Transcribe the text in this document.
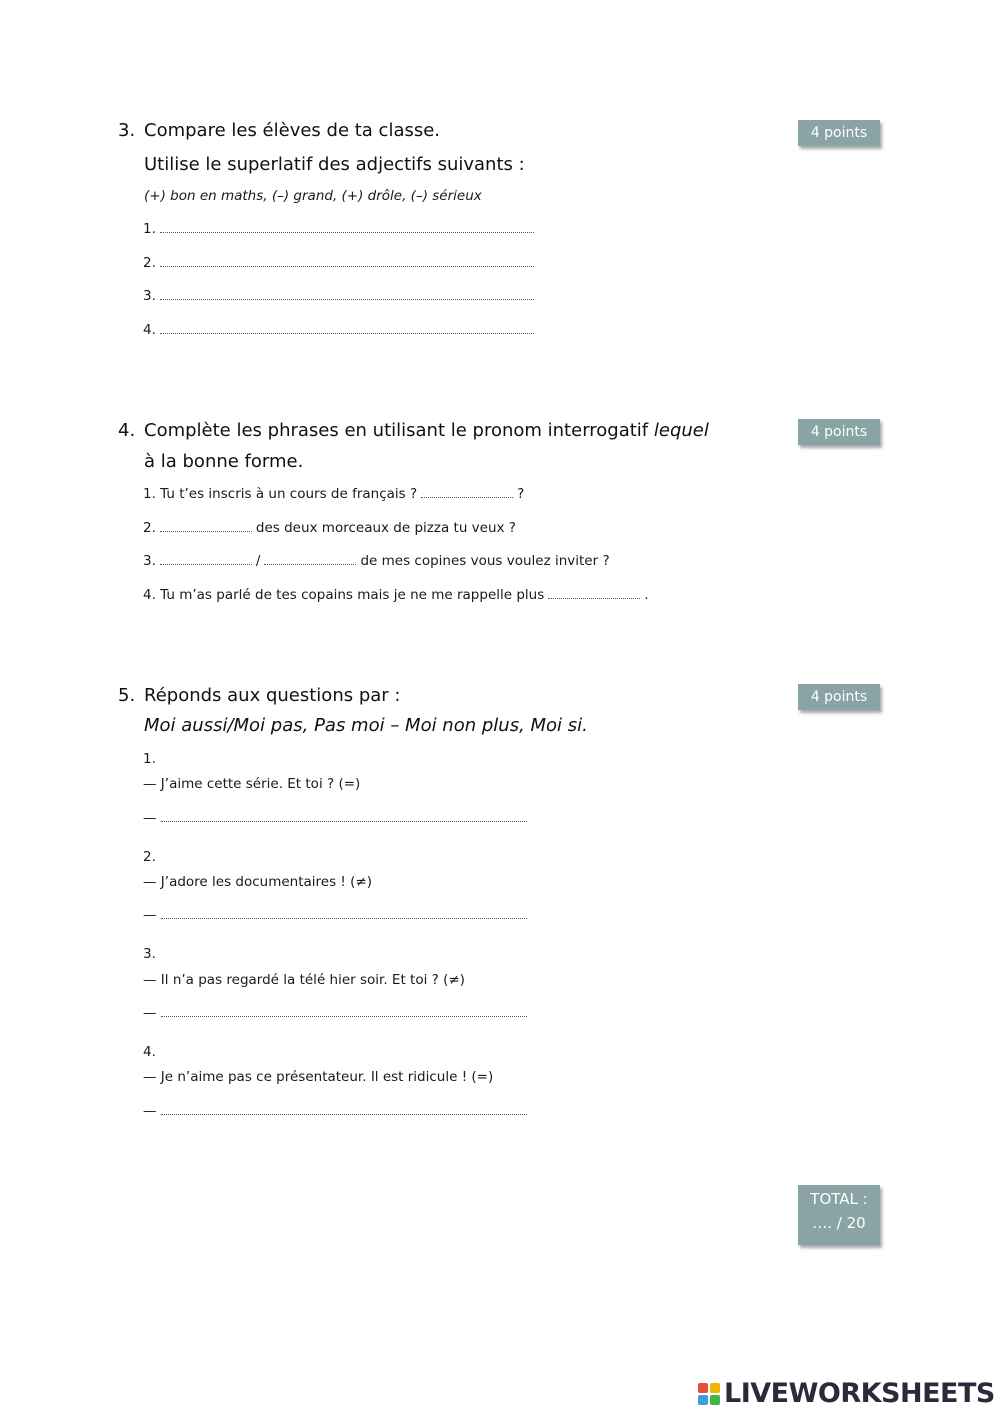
3. Compare les élèves de ta classe.
Utilise le superlatif des adjectifs suivants :
(+) bon en maths, (–) grand, (+) drôle, (–) sérieux
4 points
1.
2.
3.
4.
4. Complète les phrases en utilisant le pronom interrogatif lequel
à la bonne forme.
4 points
1. Tu t’es inscris à un cours de français ?	?
2.	des deux morceaux de pizza tu veux ?
3.	/	de mes copines vous voulez inviter ?
4. Tu m’as parlé de tes copains mais je ne me rappelle plus	.
5. Réponds aux questions par :
Moi aussi/Moi pas, Pas moi – Moi non plus, Moi si.
4 points
1.
— J’aime cette série. Et toi ? (=)
—
2.
— J’adore les documentaires ! (≠)
—
3.
— Il n’a pas regardé la télé hier soir. Et toi ? (≠)
—
4.
— Je n’aime pas ce présentateur. Il est ridicule ! (=)
—
TOTAL :
…. / 20
LIVEWORKSHEETS
